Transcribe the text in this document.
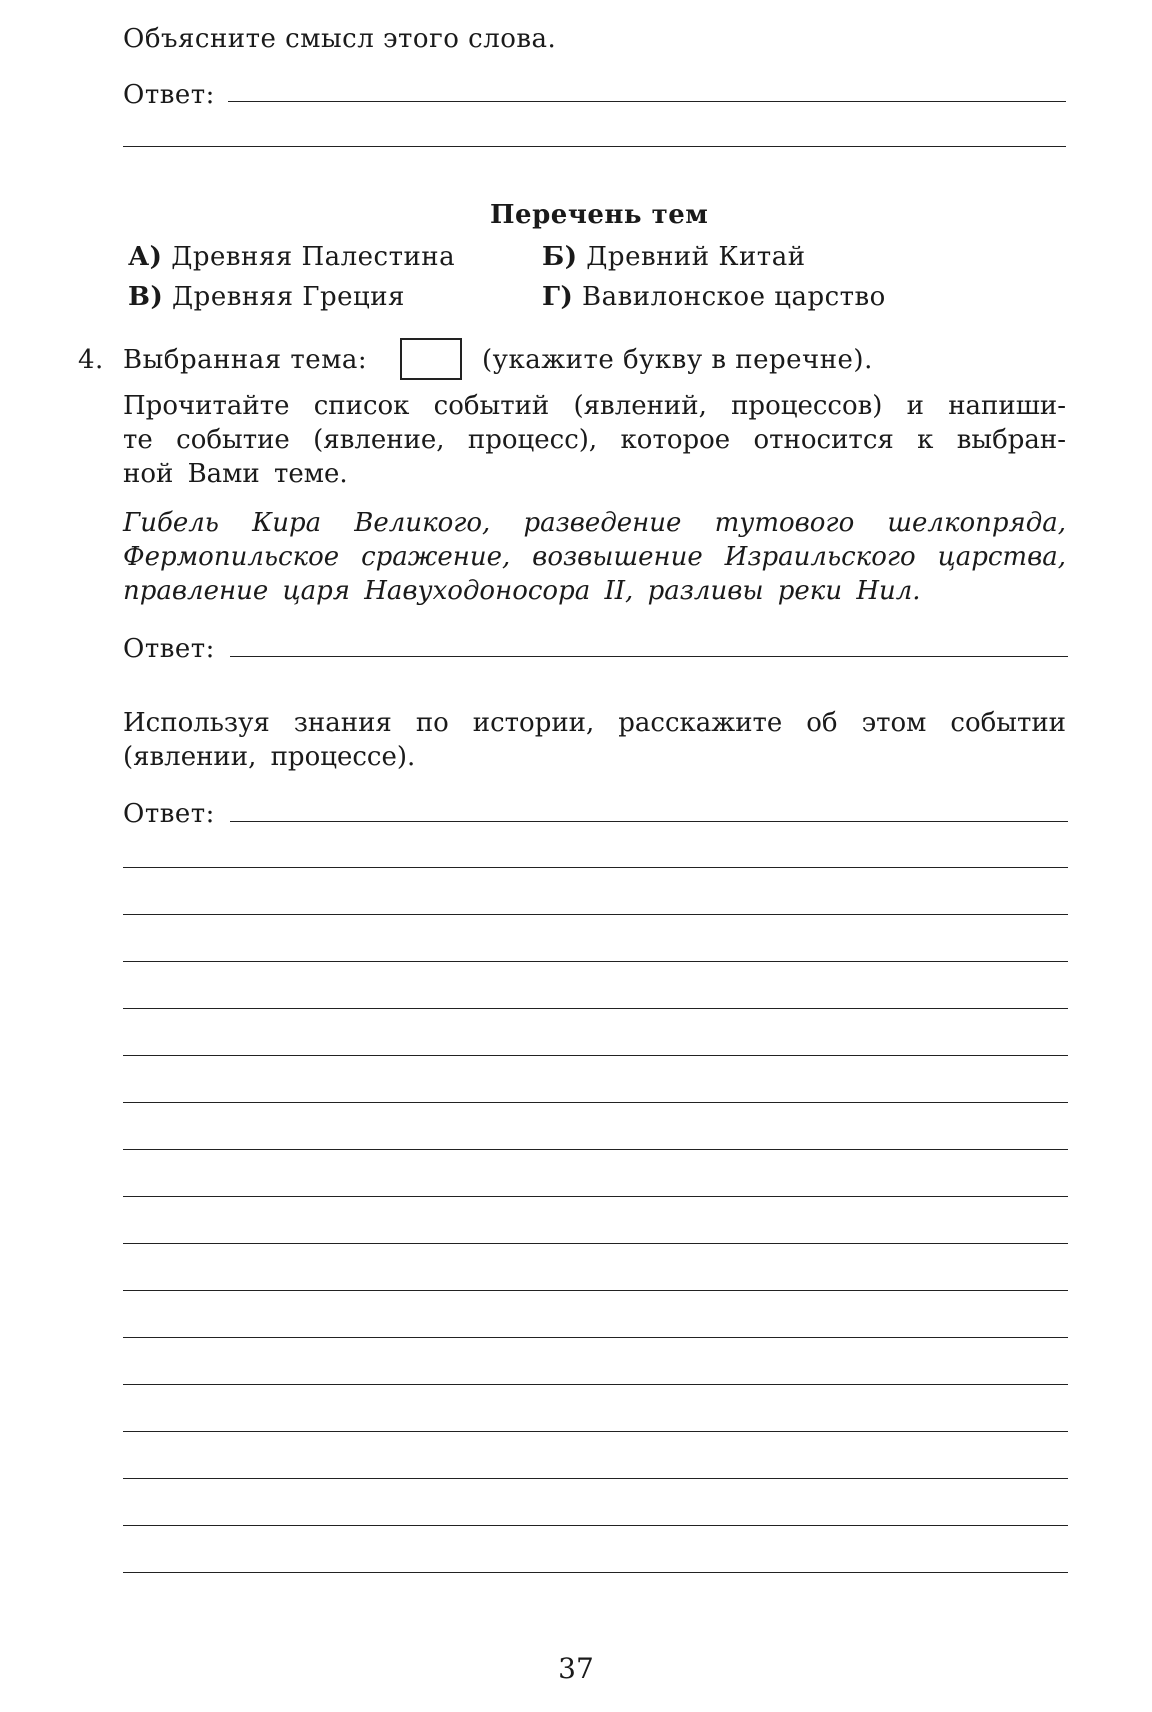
Объясните смысл этого слова.
Ответ:
Перечень тем
А) Древняя Палестина	Б) Древний Китай
В) Древняя Греция	Г) Вавилонское царство
4. Выбранная тема:	(укажите букву в перечне).
Прочитайте список событий (явлений, процессов) и напиши-
те событие (явление, процесс), которое относится к выбран-
ной Вами теме.
Гибель Кира Великого, разведение тутового шелкопряда,
Фермопильское сражение, возвышение Израильского царства,
правление царя Навуходоносора II, разливы реки Нил.
Ответ:
Используя знания по истории, расскажите об этом событии
(явлении, процессе).
Ответ:
37
